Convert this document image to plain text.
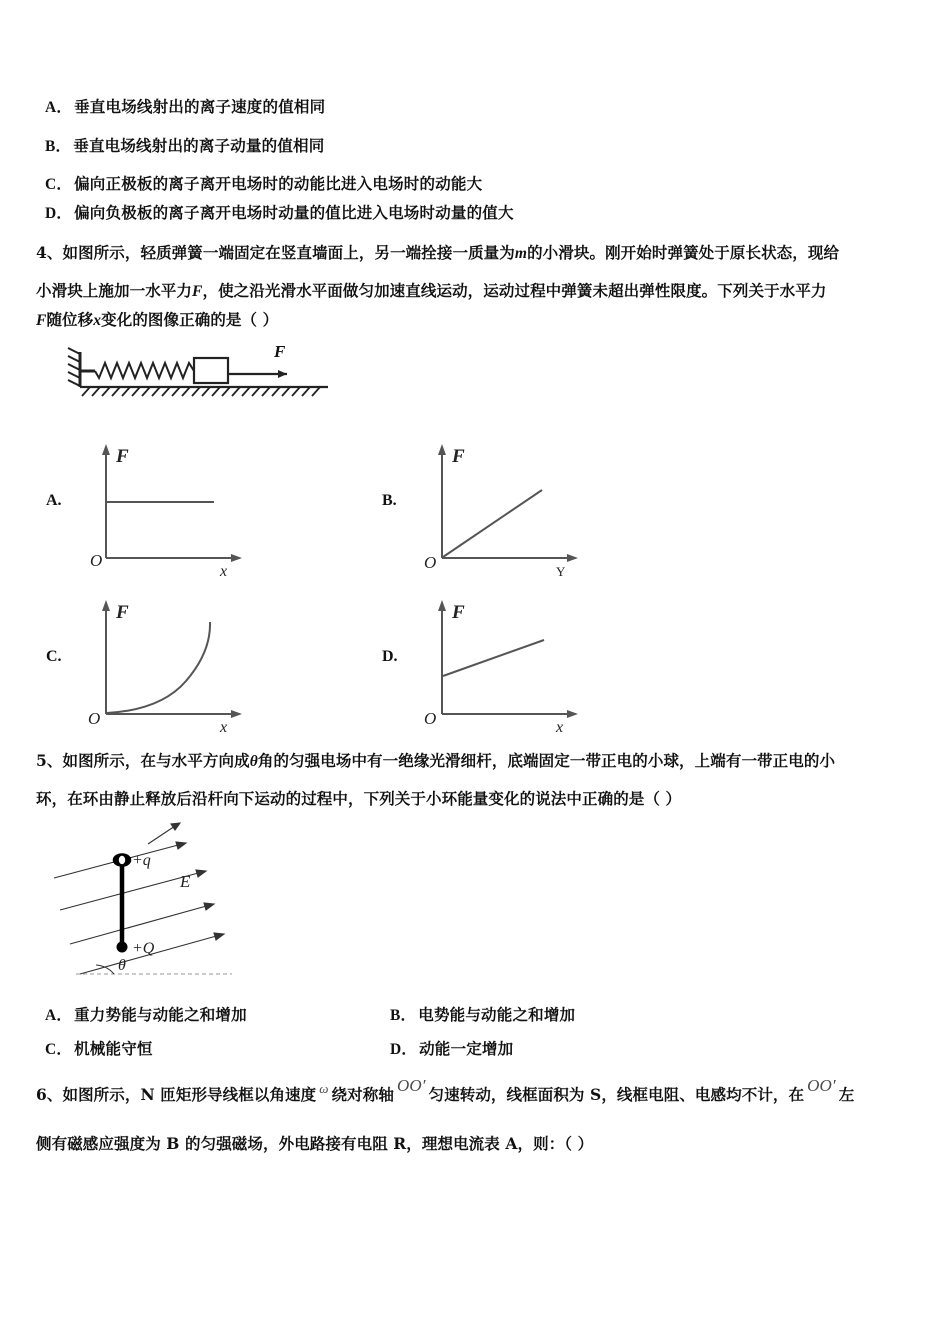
A． 垂直电场线射出的离子速度的值相同
B． 垂直电场线射出的离子动量的值相同
C． 偏向正极板的离子离开电场时的动能比进入电场时的动能大
D． 偏向负极板的离子离开电场时动量的值比进入电场时动量的值大
4、如图所示，轻质弹簧一端固定在竖直墙面上，另一端拴接一质量为m的小滑块。刚开始时弹簧处于原长状态，现给
小滑块上施加一水平力F，使之沿光滑水平面做匀加速直线运动，运动过程中弹簧未超出弹性限度。下列关于水平力
F随位移x变化的图像正确的是（ ）
F
A.
F
O
x
B.
F
O	Y
C.
F
O	x
D.
F
O	x
5、如图所示，在与水平方向成θ角的匀强电场中有一绝缘光滑细杆，底端固定一带正电的小球，上端有一带正电的小
环，在环由静止释放后沿杆向下运动的过程中，下列关于小环能量变化的说法中正确的是（ ）
+q
+Q
E
θ
A． 重力势能与动能之和增加	B． 电势能与动能之和增加
C． 机械能守恒	D． 动能一定增加
6、如图所示，N 匝矩形导线框以角速度 $^\omega$ 绕对称轴 OO′ 匀速转动，线框面积为 S，线框电阻、电感均不计，在 OO′ 左
侧有磁感应强度为 B 的匀强磁场，外电路接有电阻 R，理想电流表 A，则：（ ）
